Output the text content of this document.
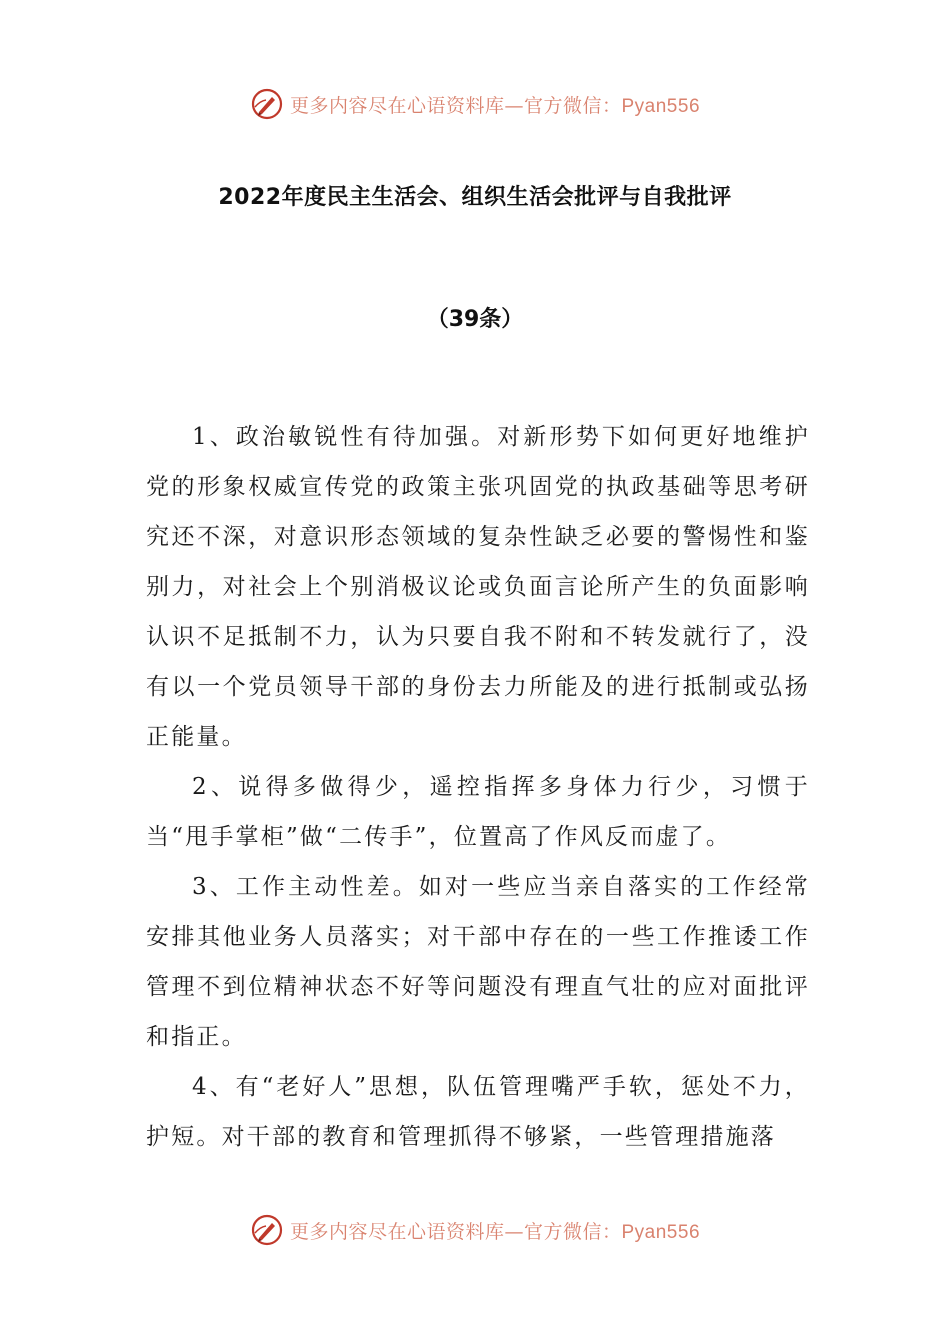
更多内容尽在心语资料库—官方微信：Pyan556
2022年度民主生活会、组织生活会批评与自我批评
（39条）

1、政治敏锐性有待加强。对新形势下如何更好地维护党的形象权威宣传党的政策主张巩固党的执政基础等思考研究还不深，对意识形态领域的复杂性缺乏必要的警惕性和鉴别力，对社会上个别消极议论或负面言论所产生的负面影响认识不足抵制不力，认为只要自我不附和不转发就行了，没有以一个党员领导干部的身份去力所能及的进行抵制或弘扬正能量。

2、说得多做得少，遥控指挥多身体力行少，习惯于当“甩手掌柜”做“二传手”，位置高了作风反而虚了。

3、工作主动性差。如对一些应当亲自落实的工作经常安排其他业务人员落实；对干部中存在的一些工作推诿工作管理不到位精神状态不好等问题没有理直气壮的应对面批评和指正。

4、有“老好人”思想，队伍管理嘴严手软，惩处不力，护短。对干部的教育和管理抓得不够紧，一些管理措施落

更多内容尽在心语资料库—官方微信：Pyan556
